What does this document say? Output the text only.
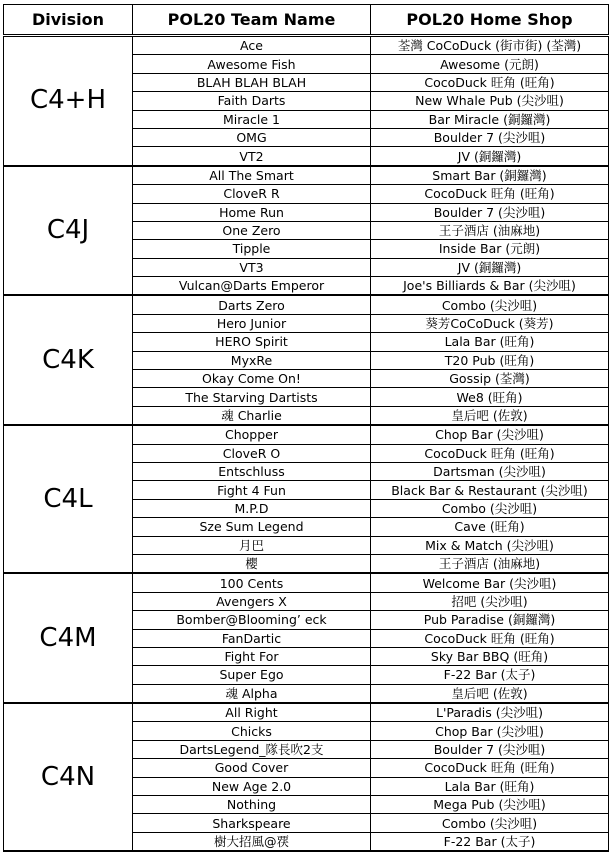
Division	POL20 Team Name	POL20 Home Shop
C4+H	Ace	荃灣 CoCoDuck (街市街) (荃灣)
	Awesome Fish	Awesome (元朗)
	BLAH BLAH BLAH	CocoDuck 旺角 (旺角)
	Faith Darts	New Whale Pub (尖沙咀)
	Miracle 1	Bar Miracle (銅鑼灣)
	OMG	Boulder 7 (尖沙咀)
	VT2	JV (銅鑼灣)
C4J	All The Smart	Smart Bar (銅鑼灣)
	CloveR R	CocoDuck 旺角 (旺角)
	Home Run	Boulder 7 (尖沙咀)
	One Zero	王子酒店 (油麻地)
	Tipple	Inside Bar (元朗)
	VT3	JV (銅鑼灣)
	Vulcan@Darts Emperor	Joe's Billiards & Bar (尖沙咀)
C4K	Darts Zero	Combo (尖沙咀)
	Hero Junior	葵芳CoCoDuck (葵芳)
	HERO Spirit	Lala Bar (旺角)
	MyxRe	T20 Pub (旺角)
	Okay Come On!	Gossip (荃灣)
	The Starving Dartists	We8 (旺角)
	魂 Charlie	皇后吧 (佐敦)
C4L	Chopper	Chop Bar (尖沙咀)
	CloveR O	CocoDuck 旺角 (旺角)
	Entschluss	Dartsman (尖沙咀)
	Fight 4 Fun	Black Bar & Restaurant (尖沙咀)
	M.P.D	Combo (尖沙咀)
	Sze Sum Legend	Cave (旺角)
	月巴	Mix & Match (尖沙咀)
	櫻	王子酒店 (油麻地)
C4M	100 Cents	Welcome Bar (尖沙咀)
	Avengers X	招吧 (尖沙咀)
	Bomber@Blooming’ eck	Pub Paradise (銅鑼灣)
	FanDartic	CocoDuck 旺角 (旺角)
	Fight For	Sky Bar BBQ (旺角)
	Super Ego	F-22 Bar (太子)
	魂 Alpha	皇后吧 (佐敦)
C4N	All Right	L'Paradis (尖沙咀)
	Chicks	Chop Bar (尖沙咀)
	DartsLegend_隊長吹2支	Boulder 7 (尖沙咀)
	Good Cover	CocoDuck 旺角 (旺角)
	New Age 2.0	Lala Bar (旺角)
	Nothing	Mega Pub (尖沙咀)
	Sharkspeare	Combo (尖沙咀)
	樹大招風@覄	F-22 Bar (太子)
